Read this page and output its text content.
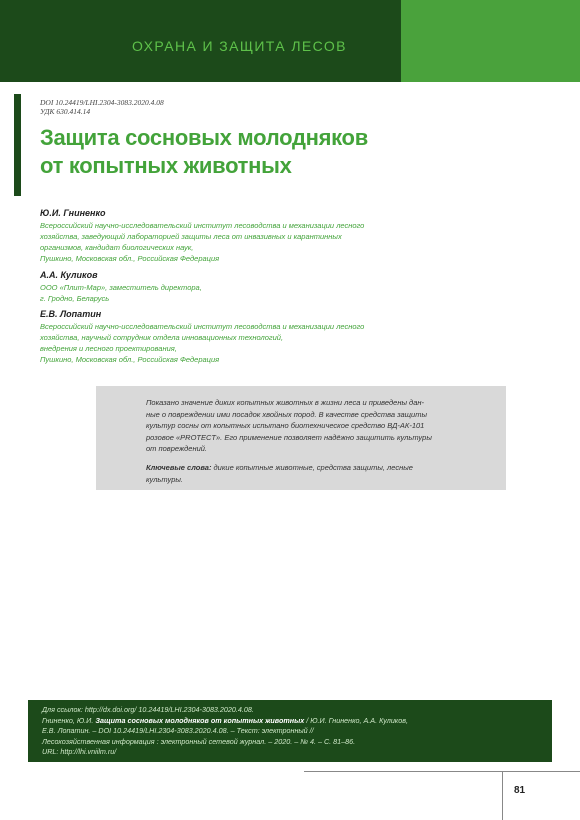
ОХРАНА И ЗАЩИТА ЛЕСОВ
DOI 10.24419/LHI.2304-3083.2020.4.08
УДК 630.414.14
Защита сосновых молодняков
от копытных животных
Ю.И. Гниненко
Всероссийский научно-исследовательский институт лесоводства и механизации лесного
хозяйства, заведующий лабораторией защиты леса от инвазивных и карантинных
организмов, кандидат биологических наук,
Пушкино, Московская обл., Российская Федерация
А.А. Куликов
ООО «Плит-Мар», заместитель директора,
г. Гродно, Беларусь
Е.В. Лопатин
Всероссийский научно-исследовательский институт лесоводства и механизации лесного
хозяйства, научный сотрудник отдела инновационных технологий,
внедрения и лесного проектирования,
Пушкино, Московская обл., Российская Федерация
Показано значение диких копытных животных в жизни леса и приведены дан-
ные о повреждении ими посадок хвойных пород. В качестве средства защиты
культур сосны от копытных испытано биотехническое средство ВД-АК-101
розовое «PROTECT». Его применение позволяет надёжно защитить культуры
от повреждений.
Ключевые слова: дикие копытные животные, средства защиты, лесные
культуры.
Для ссылок: http://dx.doi.org/ 10.24419/LHI.2304-3083.2020.4.08.
Гниненко, Ю.И. Защита сосновых молодняков от копытных животных / Ю.И. Гниненко, А.А. Куликов,
Е.В. Лопатин. – DOI 10.24419/LHI.2304-3083.2020.4.08. – Текст: электронный //
Лесохозяйственная информация : электронный сетевой журнал. – 2020. – № 4. – С. 81–86.
URL: http://lhi.vniilm.ru/
81
